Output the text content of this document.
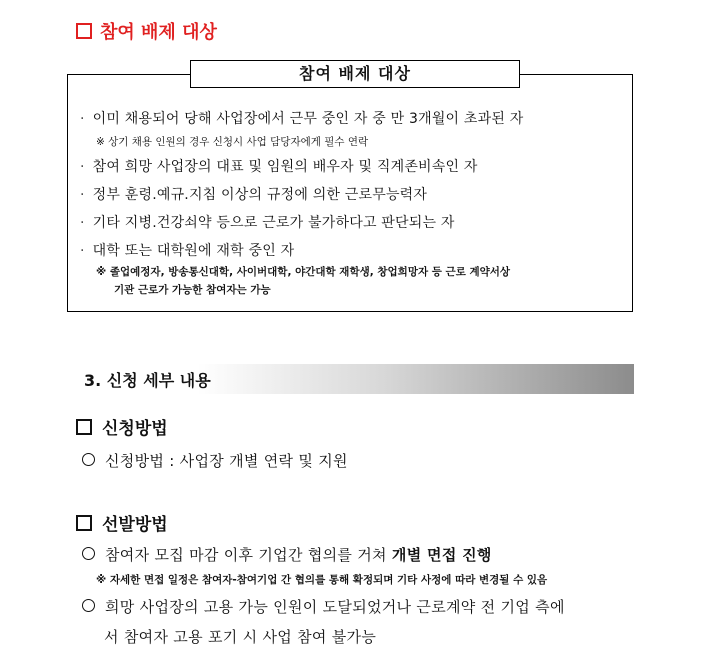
참여 배제 대상
참여 배제 대상
· 이미 채용되어 당해 사업장에서 근무 중인 자 중 만 3개월이 초과된 자
※ 상기 채용 인원의 경우 신청시 사업 담당자에게 필수 연락
· 참여 희망 사업장의 대표 및 임원의 배우자 및 직계존비속인 자
· 정부 훈령.예규.지침 이상의 규정에 의한 근로무능력자
· 기타 지병.건강쇠약 등으로 근로가 불가하다고 판단되는 자
· 대학 또는 대학원에 재학 중인 자
※ 졸업예정자, 방송통신대학, 사이버대학, 야간대학 재학생, 창업희망자 등 근로 계약서상
기관 근로가 가능한 참여자는 가능
3. 신청 세부 내용
신청방법
신청방법 : 사업장 개별 연락 및 지원
선발방법
참여자 모집 마감 이후 기업간 협의를 거쳐 개별 면접 진행
※ 자세한 면접 일정은 참여자-참여기업 간 협의를 통해 확정되며 기타 사정에 따라 변경될 수 있음
희망 사업장의 고용 가능 인원이 도달되었거나 근로계약 전 기업 측에
서 참여자 고용 포기 시 사업 참여 불가능
